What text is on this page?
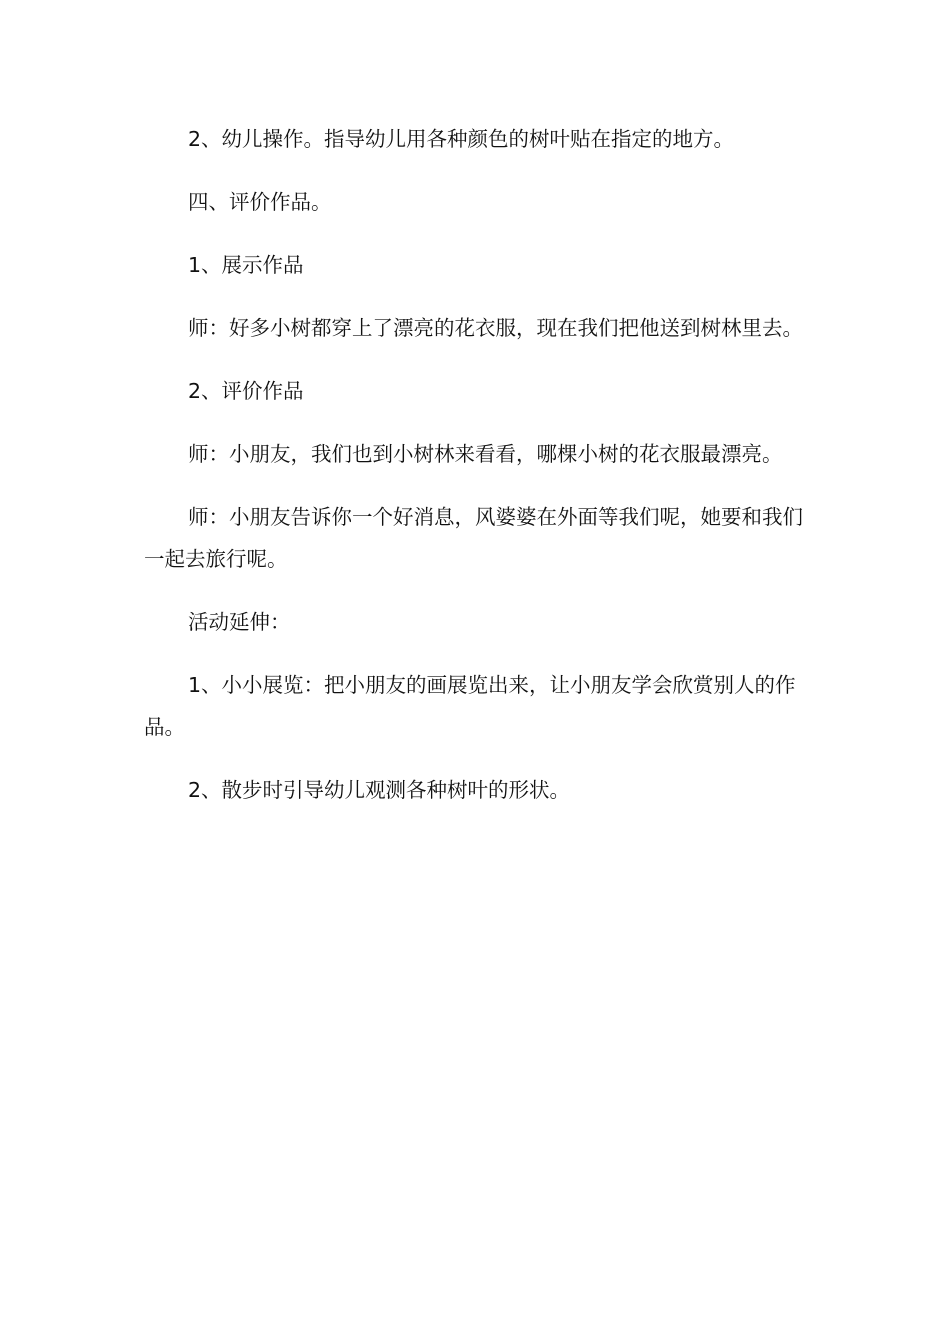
2、幼儿操作。指导幼儿用各种颜色的树叶贴在指定的地方。

四、评价作品。

1、展示作品

师：好多小树都穿上了漂亮的花衣服，现在我们把他送到树林里去。

2、评价作品

师：小朋友，我们也到小树林来看看，哪棵小树的花衣服最漂亮。

师：小朋友告诉你一个好消息，风婆婆在外面等我们呢，她要和我们一起去旅行呢。

活动延伸：

1、小小展览：把小朋友的画展览出来，让小朋友学会欣赏别人的作品。

2、散步时引导幼儿观测各种树叶的形状。
